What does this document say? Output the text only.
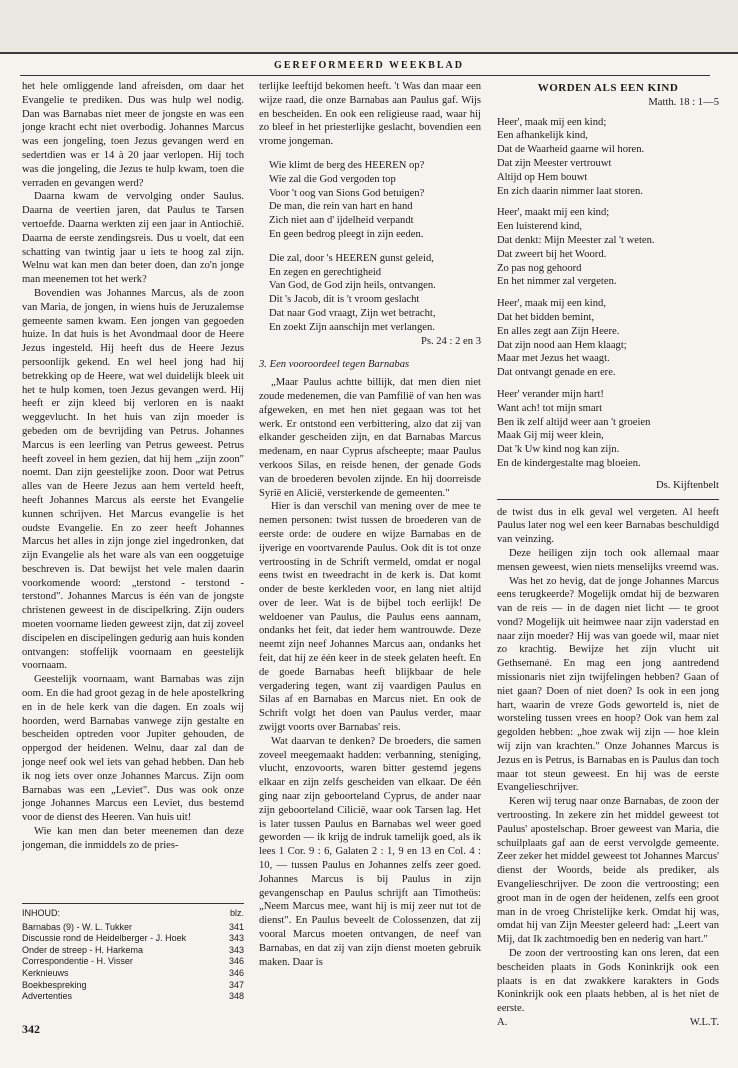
GEREFORMEERD WEEKBLAD

het hele omliggende land afreisden, om daar het Evangelie te prediken. Dus was hulp wel nodig. Dan was Barnabas niet meer de jongste en was een jonge kracht echt niet overbodig. Johannes Marcus was een jongeling, toen Jezus gevangen werd en sedertdien was er 14 à 20 jaar verlopen. Hij toch was die jongeling, die Jezus te hulp kwam, toen die verraden en gevangen werd?

Daarna kwam de vervolging onder Saulus. Daarna de veertien jaren, dat Paulus te Tarsen vertoefde. Daarna werkten zij een jaar in Antiochië. Daarna de eerste zendingsreis. Dus u voelt, dat een schatting van twintig jaar u iets te hoog zal zijn. Welnu wat kan men dan beter doen, dan zo'n jonge man meenemen tot het werk?

Bovendien was Johannes Marcus, als de zoon van Maria, de jongen, in wiens huis de Jeruzalemse gemeente samen kwam. Een jongen van gegoeden huize. In dat huis is het Avondmaal door de Heere Jezus ingesteld. Hij heeft dus de Heere Jezus persoonlijk gekend. En wel heel jong had hij betrekking op de Heere, wat wel duidelijk bleek uit het te hulp komen, toen Jezus gevangen werd. Hij heeft er zijn kleed bij verloren en is naakt weggevlucht. In het huis van zijn moeder is gebeden om de bevrijding van Petrus. Johannes Marcus is een leerling van Petrus geweest. Petrus heeft zoveel in hem gezien, dat hij hem „zijn zoon" noemt. Dan zijn geestelijke zoon. Door wat Petrus alles van de Heere Jezus aan hem verteld heeft, heeft Johannes Marcus als eerste het Evangelie kunnen schrijven. Het Marcus evangelie is het oudste Evangelie. En zo zeer heeft Johannes Marcus het alles in zijn jonge ziel ingedronken, dat zijn Evangelie als het ware als van een ooggetuige beschreven is. Dat bewijst het vele malen daarin voorkomende woord: „terstond - terstond - terstond". Johannes Marcus is één van de jongste christenen geweest in de discipelkring. Zijn ouders moeten voorname lieden geweest zijn, dat zij zoveel discipelen en discipelingen gedurig aan huis konden ontvangen: stoffelijk voornaam en geestelijk voornaam.

Geestelijk voornaam, want Barnabas was zijn oom. En die had groot gezag in de hele apostelkring en in de hele kerk van die dagen. En zoals wij hoorden, werd Barnabas vanwege zijn gestalte en bescheiden optreden voor Jupiter gehouden, de oppergod der heidenen. Welnu, daar zal dan de jonge neef ook wel iets van gehad hebben. Dan heb ik nog iets over onze Johannes Marcus. Zijn oom Barnabas was een „Leviet". Dus was ook onze jonge Johannes Marcus een Leviet, dus bestemd voor de dienst des Heeren. Van huis uit!

Wie kan men dan beter meenemen dan deze jongeman, die inmiddels zo de pries-

INHOUD:	blz.
Barnabas (9) - W. L. Tukker	341
Discussie rond de Heidelberger - J. Hoek	343
Onder de streep - H. Harkema	343
Correspondentie - H. Visser	346
Kerknieuws	346
Boekbespreking	347
Advertenties	348
342

terlijke leeftijd bekomen heeft. 't Was dan maar een wijze raad, die onze Barnabas aan Paulus gaf. Wijs en bescheiden. En ook een religieuse raad, waar hij zo bleef in het priesterlijke geslacht, bovendien een vrome jongeman.

Wie klimt de berg des HEEREN op?
Wie zal die God vergoden top
Voor 't oog van Sions God betuigen?
De man, die rein van hart en hand
Zich niet aan d' ijdelheid verpandt
En geen bedrog pleegt in zijn eeden.
Die zal, door 's HEEREN gunst geleid,
En zegen en gerechtigheid
Van God, de God zijn heils, ontvangen.
Dit 's Jacob, dit is 't vroom geslacht
Dat naar God vraagt, Zijn wet betracht,
En zoekt Zijn aanschijn met verlangen.
Ps. 24 : 2 en 3
3. Een vooroordeel tegen Barnabas

„Maar Paulus achtte billijk, dat men dien niet zoude medenemen, die van Pamfilië of van hen was afgeweken, en met hen niet gegaan was tot het werk. Er ontstond een verbittering, alzo dat zij van elkander gescheiden zijn, en dat Barnabas Marcus medenam, en naar Cyprus afscheepte; maar Paulus verkoos Silas, en reisde henen, der genade Gods van de broederen bevolen zijnde. En hij doorreisde Syrië en Alicië, versterkende de gemeenten."

Hier is dan verschil van mening over de mee te nemen personen: twist tussen de broederen van de eerste orde: de oudere en wijze Barnabas en de ijverige en voortvarende Paulus. Ook dit is tot onze vertroosting in de Schrift vermeld, omdat er nogal eens twist en tweedracht in de kerk is. Dat komt onder de beste kerkleden voor, en lang niet altijd over de leer. Wat is de bijbel toch eerlijk! De weldoener van Paulus, die Paulus eens aannam, ondanks het feit, dat ieder hem wantrouwde. Deze neemt zijn neef Johannes Marcus aan, ondanks het feit, dat hij ze één keer in de steek gelaten heeft. En de goede Barnabas heeft blijkbaar de hele vergadering tegen, want zij vaardigen Paulus en Silas af en Barnabas en Marcus niet. En ook de Schrift volgt het doen van Paulus verder, maar zwijgt voorts over Barnabas' reis.

Wat daarvan te denken? De broeders, die samen zoveel meegemaakt hadden: verbanning, steniging, vlucht, enzovoorts, waren bitter gestemd jegens elkaar en zijn zelfs gescheiden van elkaar. De één ging naar zijn geboorteland Cyprus, de ander naar zijn geboorteland Cilicië, waar ook Tarsen lag. Het is later tussen Paulus en Barnabas wel weer goed geworden — ik krijg de indruk tamelijk goed, als ik lees 1 Cor. 9 : 6, Galaten 2 : 1, 9 en 13 en Col. 4 : 10, — tussen Paulus en Johannes zelfs zeer goed. Johannes Marcus is bij Paulus in zijn gevangenschap en Paulus schrijft aan Timotheüs: „Neem Marcus mee, want hij is mij zeer nut tot de dienst". En Paulus beveelt de Colossenzen, dat zij vooral Marcus moeten ontvangen, de neef van Barnabas, en dat zij van zijn dienst moeten gebruik maken. Daar is

WORDEN ALS EEN KIND
Matth. 18 : 1—5
Heer', maak mij een kind;
Een afhankelijk kind,
Dat de Waarheid gaarne wil horen.
Dat zijn Meester vertrouwt
Altijd op Hem bouwt
En zich daarin nimmer laat storen.
Heer', maakt mij een kind;
Een luisterend kind,
Dat denkt: Mijn Meester zal 't weten.
Dat zweert bij het Woord.
Zo pas nog gehoord
En het nimmer zal vergeten.
Heer', maak mij een kind,
Dat het bidden bemint,
En alles zegt aan Zijn Heere.
Dat zijn nood aan Hem klaagt;
Maar met Jezus het waagt.
Dat ontvangt genade en ere.
Heer' verander mijn hart!
Want ach! tot mijn smart
Ben ik zelf altijd weer aan 't groeien
Maak Gij mij weer klein,
Dat 'k Uw kind nog kan zijn.
En de kindergestalte mag bloeien.
Ds. Kijftenbelt

de twist dus in elk geval wel vergeten. Al heeft Paulus later nog wel een keer Barnabas beschuldigd van veinzing.

Deze heiligen zijn toch ook allemaal maar mensen geweest, wien niets menselijks vreemd was.

Was het zo hevig, dat de jonge Johannes Marcus eens terugkeerde? Mogelijk omdat hij de bezwaren van de reis — in de dagen niet licht — te groot vond? Mogelijk uit heimwee naar zijn vaderstad en naar zijn moeder? Hij was van goede wil, maar niet zo krachtig. Bewijze het zijn vlucht uit Gethsemané. En mag een jong aantredend missionaris niet zijn twijfelingen hebben? Gaan of niet gaan? Doen of niet doen? Is ook in een jong hart, waarin de vreze Gods geworteld is, niet de worsteling tussen vrees en hoop? Ook van hem zal gegolden hebben: „hoe zwak wij zijn — hoe klein wij zijn van krachten." Onze Johannes Marcus is Jezus en is Petrus, is Barnabas en is Paulus dan toch maar tot steun geweest. En hij was de eerste Evangelieschrijver.

Keren wij terug naar onze Barnabas, de zoon der vertroosting. In zekere zin het middel geweest tot Paulus' apostelschap. Broer geweest van Maria, die schuilplaats gaf aan de eerst vervolgde gemeente. Zeer zeker het middel geweest tot Johannes Marcus' dienst der Woords, beide als prediker, als Evangelieschrijver. De zoon die vertroosting; een groot man in de ogen der heidenen, zelfs een groot man in de vroeg Christelijke kerk. Omdat hij was, omdat hij van Zijn Meester geleerd had: „Leert van Mij, dat Ik zachtmoedig ben en nederig van hart."

De zoon der vertroosting kan ons leren, dat een bescheiden plaats in Gods Koninkrijk ook een plaats is en dat zwakkere karakters in Gods Koninkrijk ook een plaats hebben, al is het niet de eerste.

A.	W.L.T.
